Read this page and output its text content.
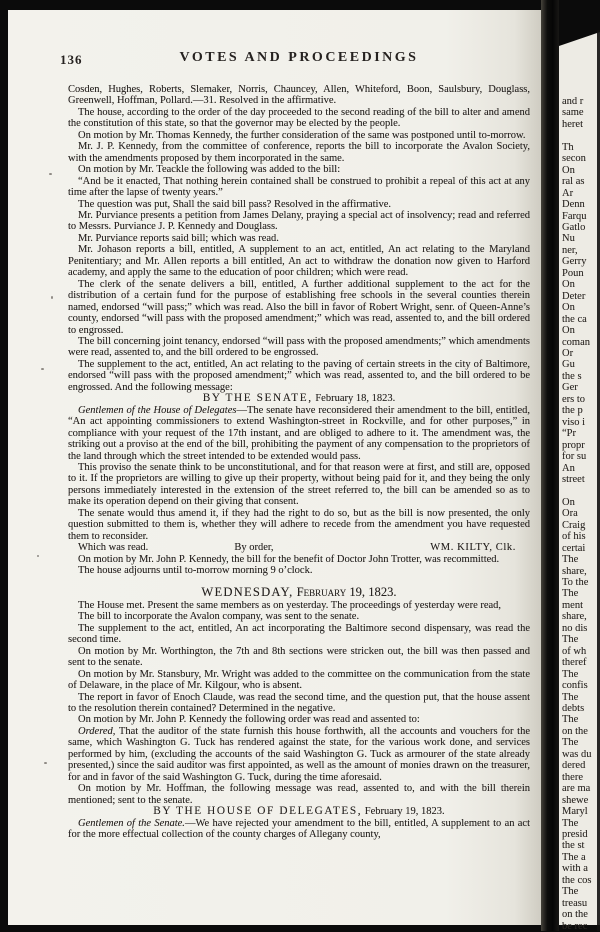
136	VOTES AND PROCEEDINGS

Cosden, Hughes, Roberts, Slemaker, Norris, Chauncey, Allen, Whiteford, Boon, Saulsbury, Douglass, Greenwell, Hoffman, Pollard.—31. Resolved in the affirmative.

The house, according to the order of the day proceeded to the second reading of the bill to alter and amend the constitution of this state, so that the governor may be elected by the people.

On motion by Mr. Thomas Kennedy, the further consideration of the same was postponed until to-morrow.

Mr. J. P. Kennedy, from the committee of conference, reports the bill to incorporate the Avalon Society, with the amendments proposed by them incorporated in the same.

On motion by Mr. Teackle the following was added to the bill:

“And be it enacted, That nothing herein contained shall be construed to prohibit a repeal of this act at any time after the lapse of twenty years.”

The question was put, Shall the said bill pass? Resolved in the affirmative.

Mr. Purviance presents a petition from James Delany, praying a special act of insolvency; read and referred to Messrs. Purviance J. P. Kennedy and Douglass.

Mr. Purviance reports said bill; which was read.

Mr. Johason reports a bill, entitled, A supplement to an act, entitled, An act relating to the Maryland Penitentiary; and Mr. Allen reports a bill entitled, An act to withdraw the donation now given to Harford academy, and apply the same to the education of poor children; which were read.

The clerk of the senate delivers a bill, entitled, A further additional supplement to the act for the distribution of a certain fund for the purpose of establishing free schools in the several counties therein named, endorsed “will pass;” which was read. Also the bill in favor of Robert Wright, senr. of Queen-Anne’s county, endorsed “will pass with the proposed amendment;” which was read, assented to, and the bill ordered to engrossed.

The bill concerning joint tenancy, endorsed “will pass with the proposed amendments;” which amendments were read, assented to, and the bill ordered to be engrossed.

The supplement to the act, entitled, An act relating to the paving of certain streets in the city of Baltimore, endorsed “will pass with the proposed amendment;” which was read, assented to, and the bill ordered to be engrossed. And the following message:

BY THE SENATE, February 18, 1823.

Gentlemen of the House of Delegates—The senate have reconsidered their amendment to the bill, entitled, “An act appointing commissioners to extend Washington-street in Rockville, and for other purposes,” in compliance with your request of the 17th instant, and are obliged to adhere to it. The amendment was, the striking out a proviso at the end of the bill, prohibiting the payment of any compensation to the proprietors of the land through which the street intended to be extended would pass.

This proviso the senate think to be unconstitutional, and for that reason were at first, and still are, opposed to it. If the proprietors are willing to give up their property, without being paid for it, and they being the only persons immediately interested in the extension of the street referred to, the bill can be amended so as to make its operation depend on their giving that consent.

The senate would thus amend it, if they had the right to do so, but as the bill is now presented, the only question submitted to them is, whether they will adhere to recede from the amendment you have requested them to reconsider.

Which was read.	By order,	WM. KILTY, Clk.

On motion by Mr. John P. Kennedy, the bill for the benefit of Doctor John Trotter, was recommitted.

The house adjourns until to-morrow morning 9 o’clock.

WEDNESDAY, February 19, 1823.

The House met. Present the same members as on yesterday. The proceedings of yesterday were read,

The bill to incorporate the Avalon company, was sent to the senate.

The supplement to the act, entitled, An act incorporating the Baltimore second dispensary, was read the second time.

On motion by Mr. Worthington, the 7th and 8th sections were stricken out, the bill was then passed and sent to the senate.

On motion by Mr. Stansbury, Mr. Wright was added to the committee on the communication from the state of Delaware, in the place of Mr. Kilgour, who is absent.

The report in favor of Enoch Claude, was read the second time, and the question put, that the house assent to the resolution therein contained? Determined in the negative.

On motion by Mr. John P. Kennedy the following order was read and assented to:

Ordered, That the auditor of the state furnish this house forthwith, all the accounts and vouchers for the same, which Washington G. Tuck has rendered against the state, for the various work done, and services performed by him, (excluding the accounts of the said Washington G. Tuck as armourer of the state already presented,) since the said auditor was first appointed, as well as the amount of monies drawn on the treasurer, for and in favor of the said Washington G. Tuck, during the time aforesaid.

On motion by Mr. Hoffman, the following message was read, assented to, and with the bill therein mentioned; sent to the senate.

BY THE HOUSE OF DELEGATES, February 19, 1823.

Gentlemen of the Senate.—We have rejected your amendment to the bill, entitled, A supplement to an act for the more effectual collection of the county charges of Allegany county,

and r
same
heret

Th
secon
On
ral as
Ar
Denn
Farqu
Gatlo
Nu
ner,
Gerry
Poun
On
Deter
On
the ca
On
coman
Or
Gu
the s
Ger
ers to
the p
viso i
“Pr
propr
for su
An
street

On
Ora
Craig
of his
certai
The
share,
To the
The
ment
share,
no dis
The
of wh
theref
The
confis
The
debts
The
on the
The
was du
dered
there
are ma
shewe
Maryl
The
presid
the st
The a
with a
the cos
The
treasu
on the
be rec
